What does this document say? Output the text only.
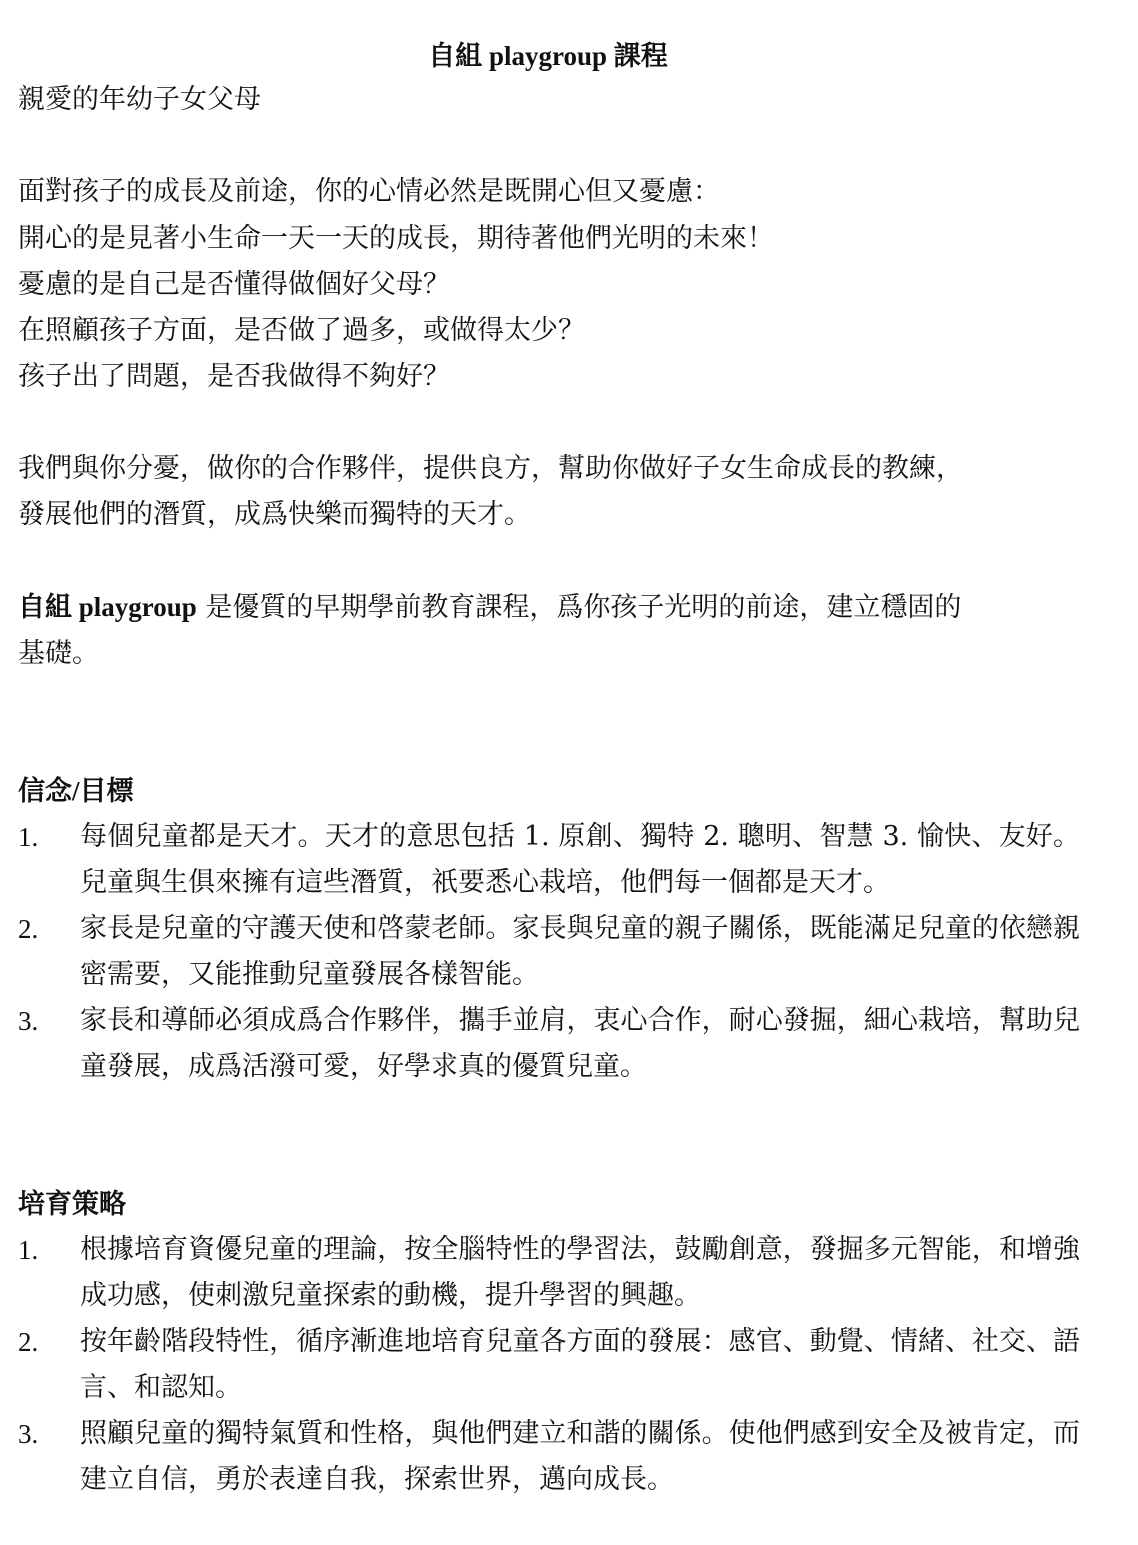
自組 playgroup 課程
親愛的年幼子女父母
面對孩子的成長及前途，你的心情必然是既開心但又憂慮：
開心的是見著小生命一天一天的成長，期待著他們光明的未來！
憂慮的是自己是否懂得做個好父母？
在照顧孩子方面，是否做了過多，或做得太少？
孩子出了問題，是否我做得不夠好？
我們與你分憂，做你的合作夥伴，提供良方，幫助你做好子女生命成長的教練，
發展他們的潛質，成爲快樂而獨特的天才。
自組 playgroup 是優質的早期學前教育課程，爲你孩子光明的前途，建立穩固的
基礎。
信念/目標
1. 每個兒童都是天才。天才的意思包括 1. 原創、獨特 2. 聰明、智慧 3. 愉快、友好。兒童與生俱來擁有這些潛質，祇要悉心栽培，他們每一個都是天才。
2. 家長是兒童的守護天使和啓蒙老師。家長與兒童的親子關係，既能滿足兒童的依戀親密需要，又能推動兒童發展各樣智能。
3. 家長和導師必須成爲合作夥伴，攜手並肩，衷心合作，耐心發掘，細心栽培，幫助兒童發展，成爲活潑可愛，好學求真的優質兒童。
培育策略
1. 根據培育資優兒童的理論，按全腦特性的學習法，鼓勵創意，發掘多元智能，和增強成功感，使刺激兒童探索的動機，提升學習的興趣。
2. 按年齡階段特性，循序漸進地培育兒童各方面的發展：感官、動覺、情緒、社交、語言、和認知。
3. 照顧兒童的獨特氣質和性格，與他們建立和諧的關係。使他們感到安全及被肯定，而建立自信，勇於表達自我，探索世界，邁向成長。
